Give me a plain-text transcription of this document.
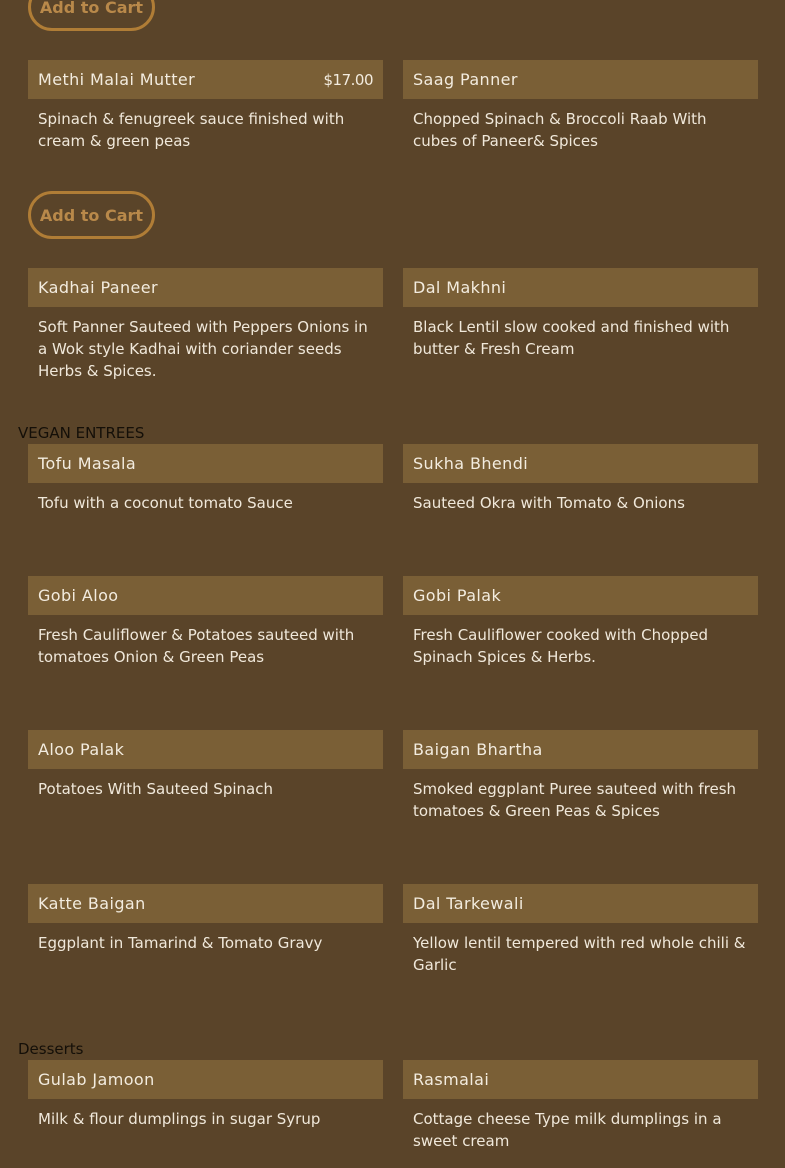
Add to Cart
Methi Malai Mutter	$17.00

Spinach & fenugreek sauce finished with cream & green peas

Saag Panner

Chopped Spinach & Broccoli Raab With cubes of Paneer& Spices

Add to Cart
Kadhai Paneer

Soft Panner Sauteed with Peppers Onions in a Wok style Kadhai with coriander seeds Herbs & Spices.

Dal Makhni

Black Lentil slow cooked and finished with butter & Fresh Cream

VEGAN ENTREES
Tofu Masala

Tofu with a coconut tomato Sauce

Sukha Bhendi

Sauteed Okra with Tomato & Onions

Gobi Aloo

Fresh Cauliflower & Potatoes sauteed with tomatoes Onion & Green Peas

Gobi Palak

Fresh Cauliflower cooked with Chopped Spinach Spices & Herbs.

Aloo Palak

Potatoes With Sauteed Spinach

Baigan Bhartha

Smoked eggplant Puree sauteed with fresh tomatoes & Green Peas & Spices

Katte Baigan

Eggplant in Tamarind & Tomato Gravy

Dal Tarkewali

Yellow lentil tempered with red whole chili & Garlic

Desserts
Gulab Jamoon

Milk & flour dumplings in sugar Syrup

Rasmalai

Cottage cheese Type milk dumplings in a sweet cream
